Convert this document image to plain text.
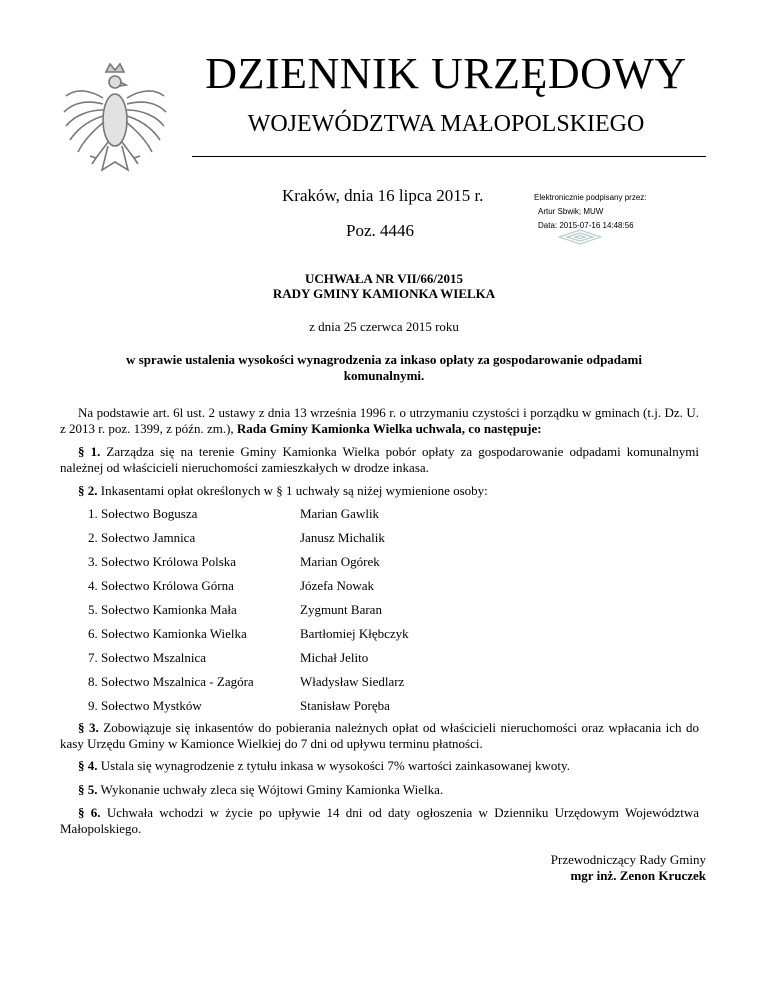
DZIENNIK URZĘDOWY
WOJEWÓDZTWA MAŁOPOLSKIEGO
Kraków, dnia 16 lipca 2015 r.
Poz. 4446
Elektronicznie podpisany przez:
Artur Sbwik; MUW
Data: 2015-07-16 14:48:56
UCHWAŁA NR VII/66/2015
RADY GMINY KAMIONKA WIELKA
z dnia 25 czerwca 2015 roku
w sprawie ustalenia wysokości wynagrodzenia za inkaso opłaty za gospodarowanie odpadami
komunalnymi.
Na podstawie art. 6l ust. 2 ustawy z dnia 13 września 1996 r. o utrzymaniu czystości i porządku w gminach (t.j. Dz. U. z 2013 r. poz. 1399, z późn. zm.), Rada Gminy Kamionka Wielka uchwala, co następuje:
§ 1. Zarządza się na terenie Gminy Kamionka Wielka pobór opłaty za gospodarowanie odpadami komunalnymi należnej od właścicieli nieruchomości zamieszkałych w drodze inkasa.
§ 2. Inkasentami opłat określonych w § 1 uchwały są niżej wymienione osoby:
1. Sołectwo Bogusza	Marian Gawlik
2. Sołectwo Jamnica	Janusz Michalik
3. Sołectwo Królowa Polska	Marian Ogórek
4. Sołectwo Królowa Górna	Józefa Nowak
5. Sołectwo Kamionka Mała	Zygmunt Baran
6. Sołectwo Kamionka Wielka	Bartłomiej Kłębczyk
7. Sołectwo Mszalnica	Michał Jelito
8. Sołectwo Mszalnica - Zagóra	Władysław Siedlarz
9. Sołectwo Mystków	Stanisław Poręba
§ 3. Zobowiązuje się inkasentów do pobierania należnych opłat od właścicieli nieruchomości oraz wpłacania ich do kasy Urzędu Gminy w Kamionce Wielkiej do 7 dni od upływu terminu płatności.
§ 4. Ustala się wynagrodzenie z tytułu inkasa w wysokości 7% wartości zainkasowanej kwoty.
§ 5. Wykonanie uchwały zleca się Wójtowi Gminy Kamionka Wielka.
§ 6. Uchwała wchodzi w życie po upływie 14 dni od daty ogłoszenia w Dzienniku Urzędowym Województwa Małopolskiego.
Przewodniczący Rady Gminy
mgr inż. Zenon Kruczek
